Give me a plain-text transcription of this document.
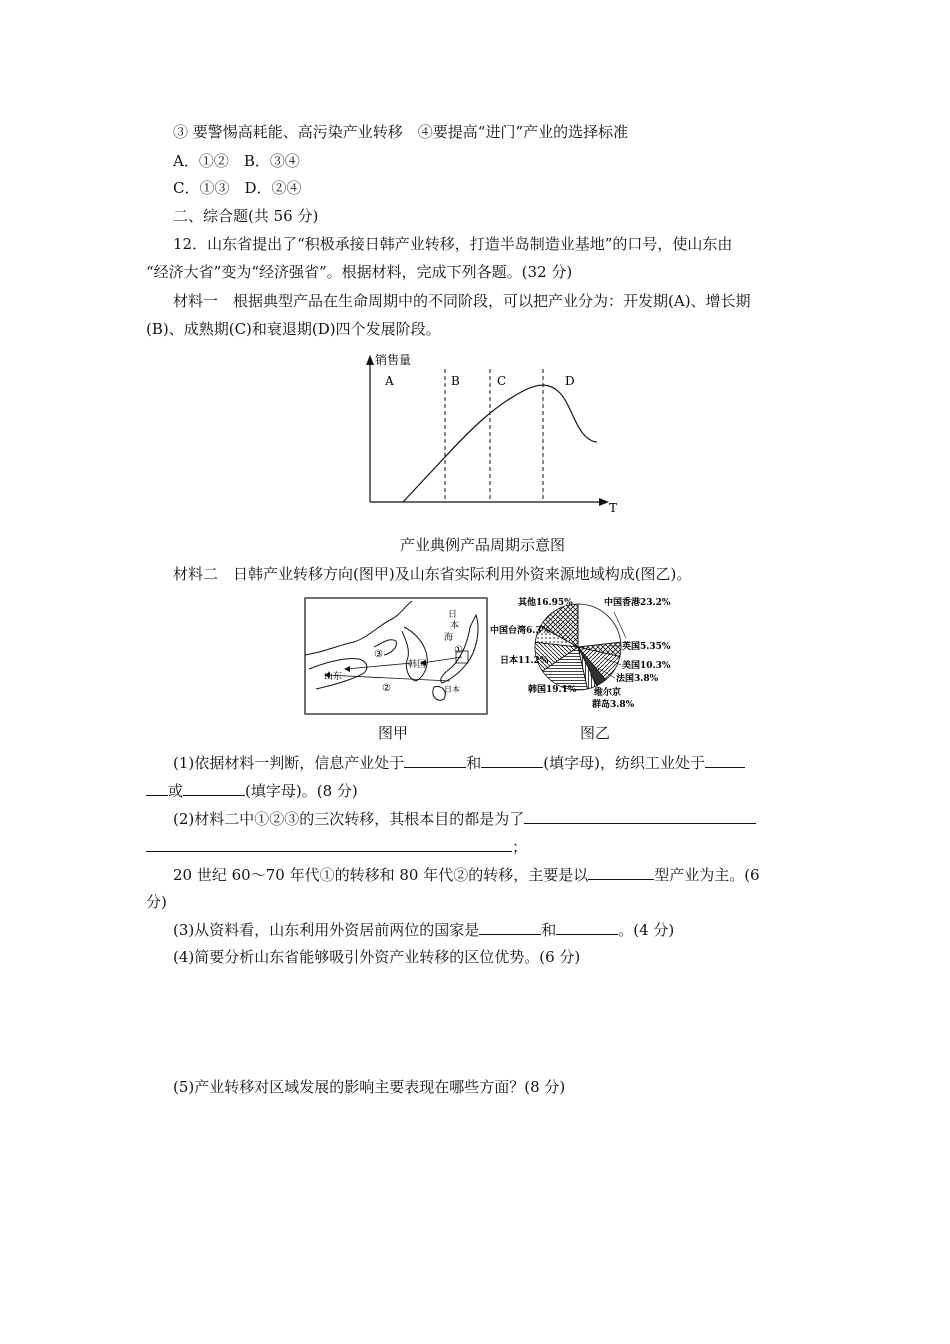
③ 要警惕高耗能、高污染产业转移　④要提高“进门”产业的选择标准
A．①②　B．③④
C．①③　D．②④
二、综合题(共 56 分)
12．山东省提出了“积极承接日韩产业转移，打造半岛制造业基地”的口号，使山东由
“经济大省”变为“经济强省”。根据材料，完成下列各题。(32 分)
材料一　根据典型产品在生命周期中的不同阶段，可以把产业分为：开发期(A)、增长期
(B)、成熟期(C)和衰退期(D)四个发展阶段。
销售量
T
A	B	C	D
产业典例产品周期示意图
材料二　日韩产业转移方向(图甲)及山东省实际利用外资来源地域构成(图乙)。
日
本
海
①
③
韩国
山东
②	日本
图甲
其他16.95%	中国香港23.2%
中国台湾6.3%
英国5.35%
日本11.2%	美国10.3%
法国3.8%
韩国19.1% 维尔京
群岛3.8%
图乙
(1)依据材料一判断，信息产业处于	和	(填字母)，纺织工业处于
或	(填字母)。(8 分)
(2)材料二中①②③的三次转移，其根本目的都是为了
；
20 世纪 60～70 年代①的转移和 80 年代②的转移，主要是以	型产业为主。(6
分)
(3)从资料看，山东利用外资居前两位的国家是	和	。(4 分)
(4)简要分析山东省能够吸引外资产业转移的区位优势。(6 分)
(5)产业转移对区域发展的影响主要表现在哪些方面？(8 分)
